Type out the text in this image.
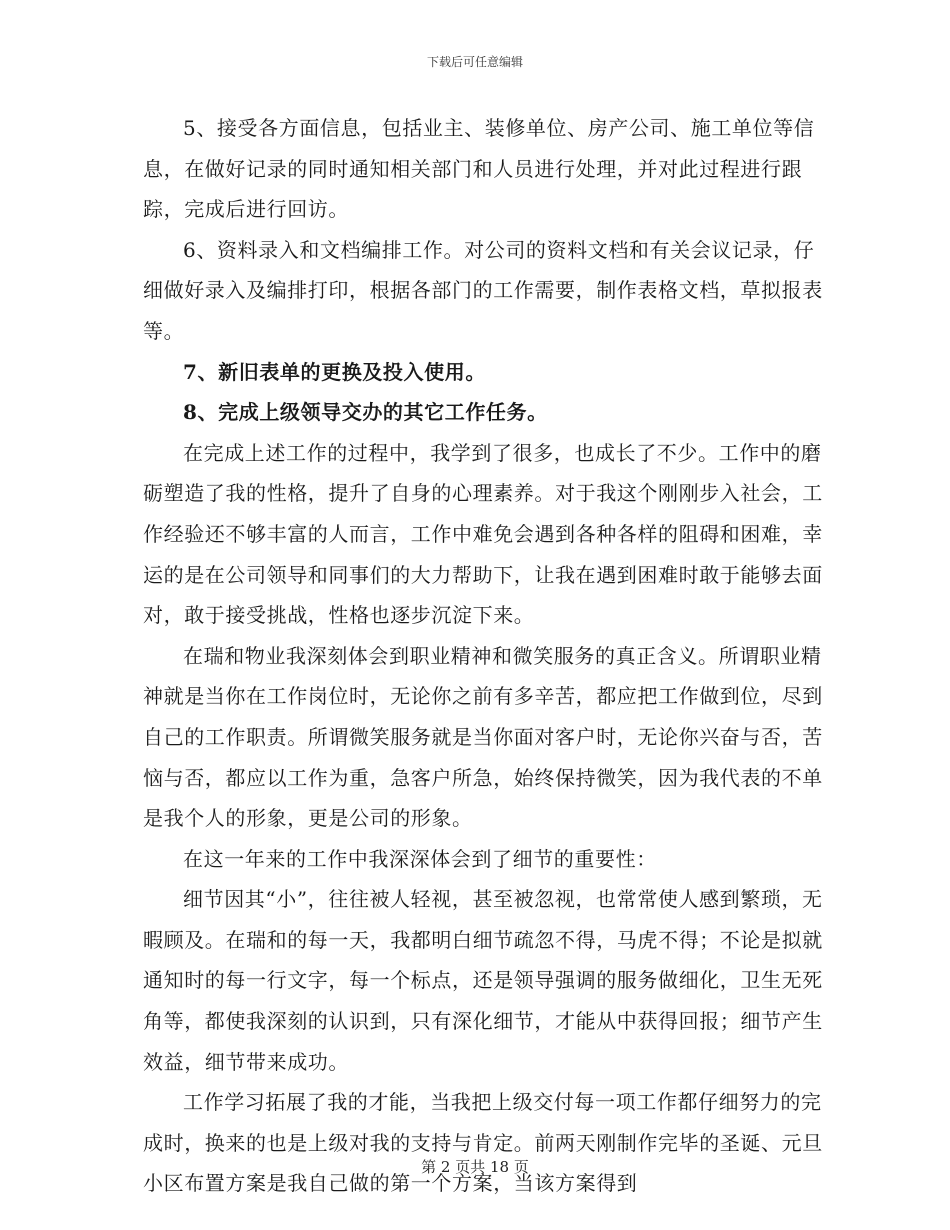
下载后可任意编辑

5、接受各方面信息，包括业主、装修单位、房产公司、施工单位等信息，在做好记录的同时通知相关部门和人员进行处理，并对此过程进行跟踪，完成后进行回访。

6、资料录入和文档编排工作。对公司的资料文档和有关会议记录，仔细做好录入及编排打印，根据各部门的工作需要，制作表格文档，草拟报表等。

7、新旧表单的更换及投入使用。

8、完成上级领导交办的其它工作任务。

在完成上述工作的过程中，我学到了很多，也成长了不少。工作中的磨砺塑造了我的性格，提升了自身的心理素养。对于我这个刚刚步入社会，工作经验还不够丰富的人而言，工作中难免会遇到各种各样的阻碍和困难，幸运的是在公司领导和同事们的大力帮助下，让我在遇到困难时敢于能够去面对，敢于接受挑战，性格也逐步沉淀下来。

在瑞和物业我深刻体会到职业精神和微笑服务的真正含义。所谓职业精神就是当你在工作岗位时，无论你之前有多辛苦，都应把工作做到位，尽到自己的工作职责。所谓微笑服务就是当你面对客户时，无论你兴奋与否，苦恼与否，都应以工作为重，急客户所急，始终保持微笑，因为我代表的不单是我个人的形象，更是公司的形象。

在这一年来的工作中我深深体会到了细节的重要性：

细节因其“小”，往往被人轻视，甚至被忽视，也常常使人感到繁琐，无暇顾及。在瑞和的每一天，我都明白细节疏忽不得，马虎不得；不论是拟就通知时的每一行文字，每一个标点，还是领导强调的服务做细化，卫生无死角等，都使我深刻的认识到，只有深化细节，才能从中获得回报；细节产生效益，细节带来成功。

工作学习拓展了我的才能，当我把上级交付每一项工作都仔细努力的完成时，换来的也是上级对我的支持与肯定。前两天刚制作完毕的圣诞、元旦小区布置方案是我自己做的第一个方案，当该方案得到

第 2 页共 18 页
